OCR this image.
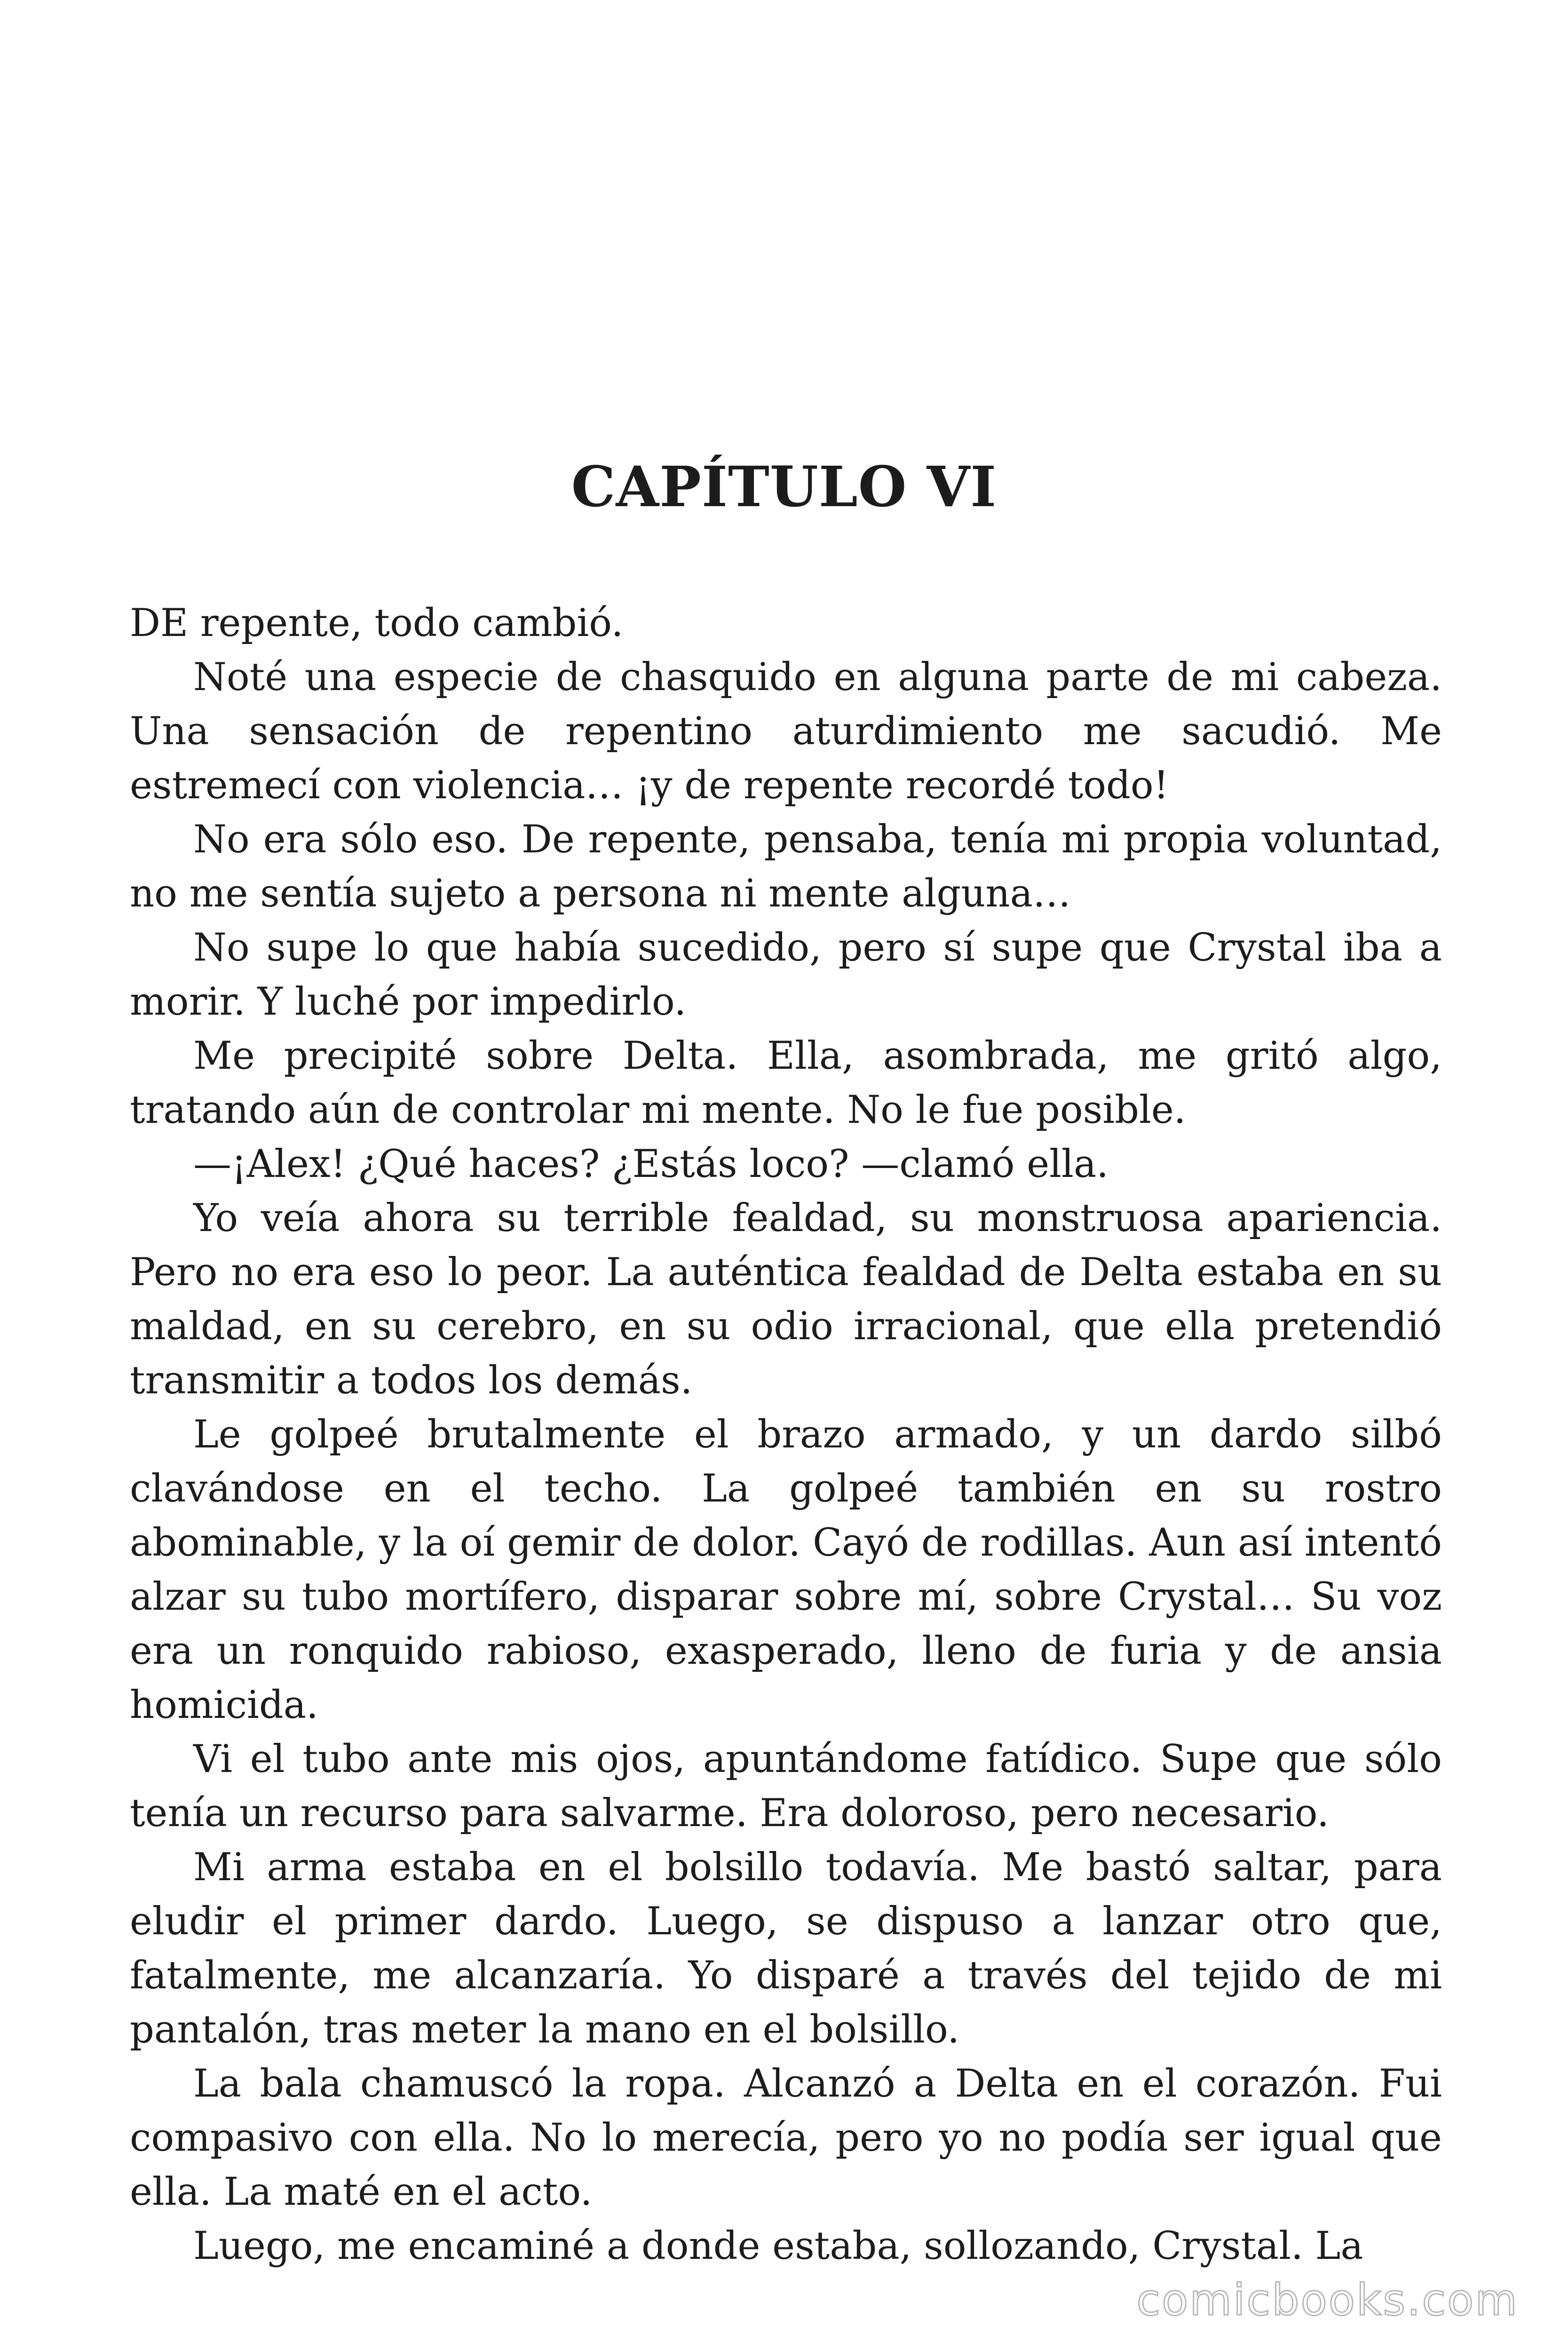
CAPÍTULO VI

DE repente, todo cambió.

Noté una especie de chasquido en alguna parte de mi cabeza. Una sensación de repentino aturdimiento me sacudió. Me estremecí con violencia… ¡y de repente recordé todo!

No era sólo eso. De repente, pensaba, tenía mi propia voluntad, no me sentía sujeto a persona ni mente alguna…

No supe lo que había sucedido, pero sí supe que Crystal iba a morir. Y luché por impedirlo.

Me precipité sobre Delta. Ella, asombrada, me gritó algo, tratando aún de controlar mi mente. No le fue posible.

—¡Alex! ¿Qué haces? ¿Estás loco? —clamó ella.

Yo veía ahora su terrible fealdad, su monstruosa apariencia. Pero no era eso lo peor. La auténtica fealdad de Delta estaba en su maldad, en su cerebro, en su odio irracional, que ella pretendió transmitir a todos los demás.

Le golpeé brutalmente el brazo armado, y un dardo silbó clavándose en el techo. La golpeé también en su rostro abominable, y la oí gemir de dolor. Cayó de rodillas. Aun así intentó alzar su tubo mortífero, disparar sobre mí, sobre Crystal… Su voz era un ronquido rabioso, exasperado, lleno de furia y de ansia homicida.

Vi el tubo ante mis ojos, apuntándome fatídico. Supe que sólo tenía un recurso para salvarme. Era doloroso, pero necesario.

Mi arma estaba en el bolsillo todavía. Me bastó saltar, para eludir el primer dardo. Luego, se dispuso a lanzar otro que, fatalmente, me alcanzaría. Yo disparé a través del tejido de mi pantalón, tras meter la mano en el bolsillo.

La bala chamuscó la ropa. Alcanzó a Delta en el corazón. Fui compasivo con ella. No lo merecía, pero yo no podía ser igual que ella. La maté en el acto.

Luego, me encaminé a donde estaba, sollozando, Crystal. La

comicbooks.com
